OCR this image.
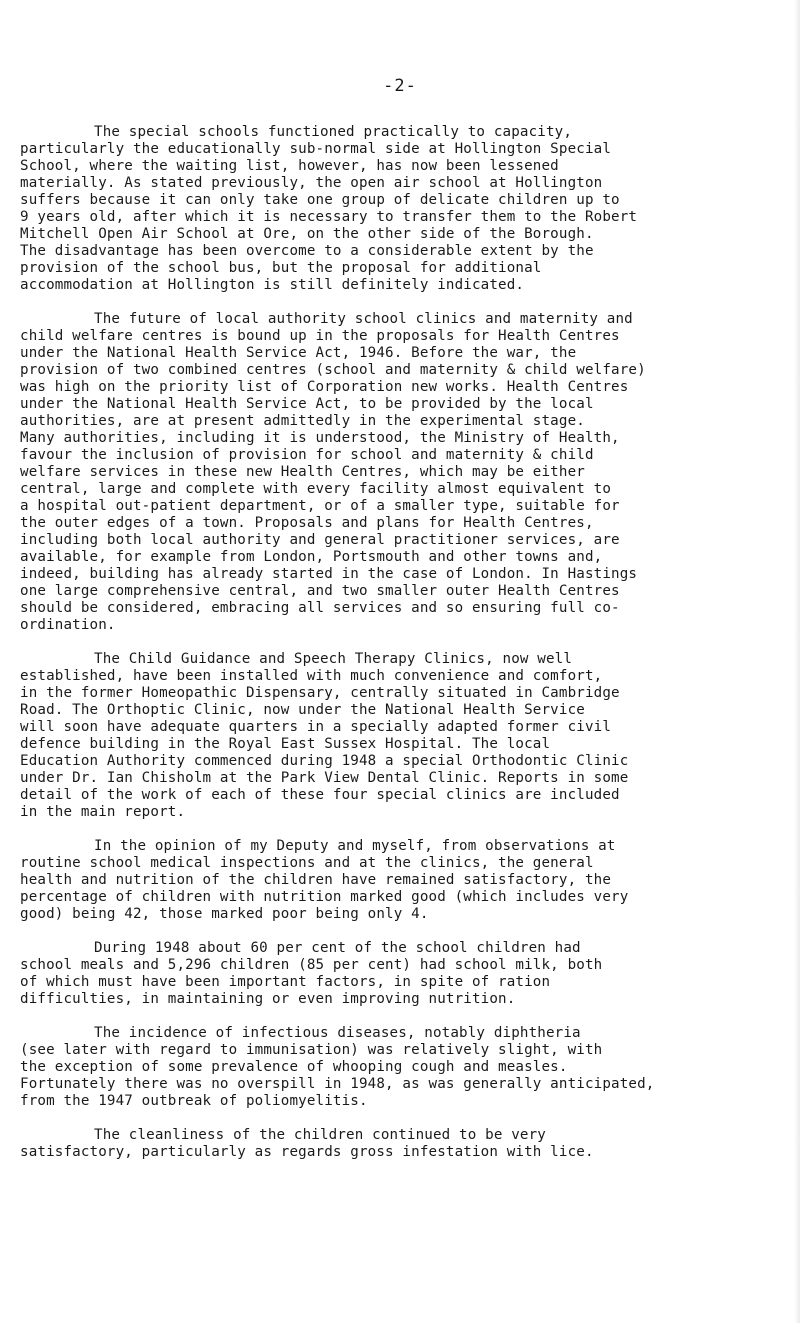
-2-

The special schools functioned practically to capacity,
particularly the educationally sub-normal side at Hollington Special
School, where the waiting list, however, has now been lessened
materially. As stated previously, the open air school at Hollington
suffers because it can only take one group of delicate children up to
9 years old, after which it is necessary to transfer them to the Robert
Mitchell Open Air School at Ore, on the other side of the Borough.
The disadvantage has been overcome to a considerable extent by the
provision of the school bus, but the proposal for additional
accommodation at Hollington is still definitely indicated.

The future of local authority school clinics and maternity and
child welfare centres is bound up in the proposals for Health Centres
under the National Health Service Act, 1946. Before the war, the
provision of two combined centres (school and maternity & child welfare)
was high on the priority list of Corporation new works. Health Centres
under the National Health Service Act, to be provided by the local
authorities, are at present admittedly in the experimental stage.
Many authorities, including it is understood, the Ministry of Health,
favour the inclusion of provision for school and maternity & child
welfare services in these new Health Centres, which may be either
central, large and complete with every facility almost equivalent to
a hospital out-patient department, or of a smaller type, suitable for
the outer edges of a town. Proposals and plans for Health Centres,
including both local authority and general practitioner services, are
available, for example from London, Portsmouth and other towns and,
indeed, building has already started in the case of London. In Hastings
one large comprehensive central, and two smaller outer Health Centres
should be considered, embracing all services and so ensuring full co-
ordination.

The Child Guidance and Speech Therapy Clinics, now well
established, have been installed with much convenience and comfort,
in the former Homeopathic Dispensary, centrally situated in Cambridge
Road. The Orthoptic Clinic, now under the National Health Service
will soon have adequate quarters in a specially adapted former civil
defence building in the Royal East Sussex Hospital. The local
Education Authority commenced during 1948 a special Orthodontic Clinic
under Dr. Ian Chisholm at the Park View Dental Clinic. Reports in some
detail of the work of each of these four special clinics are included
in the main report.

In the opinion of my Deputy and myself, from observations at
routine school medical inspections and at the clinics, the general
health and nutrition of the children have remained satisfactory, the
percentage of children with nutrition marked good (which includes very
good) being 42, those marked poor being only 4.

During 1948 about 60 per cent of the school children had
school meals and 5,296 children (85 per cent) had school milk, both
of which must have been important factors, in spite of ration
difficulties, in maintaining or even improving nutrition.

The incidence of infectious diseases, notably diphtheria
(see later with regard to immunisation) was relatively slight, with
the exception of some prevalence of whooping cough and measles.
Fortunately there was no overspill in 1948, as was generally anticipated,
from the 1947 outbreak of poliomyelitis.

The cleanliness of the children continued to be very
satisfactory, particularly as regards gross infestation with lice.
